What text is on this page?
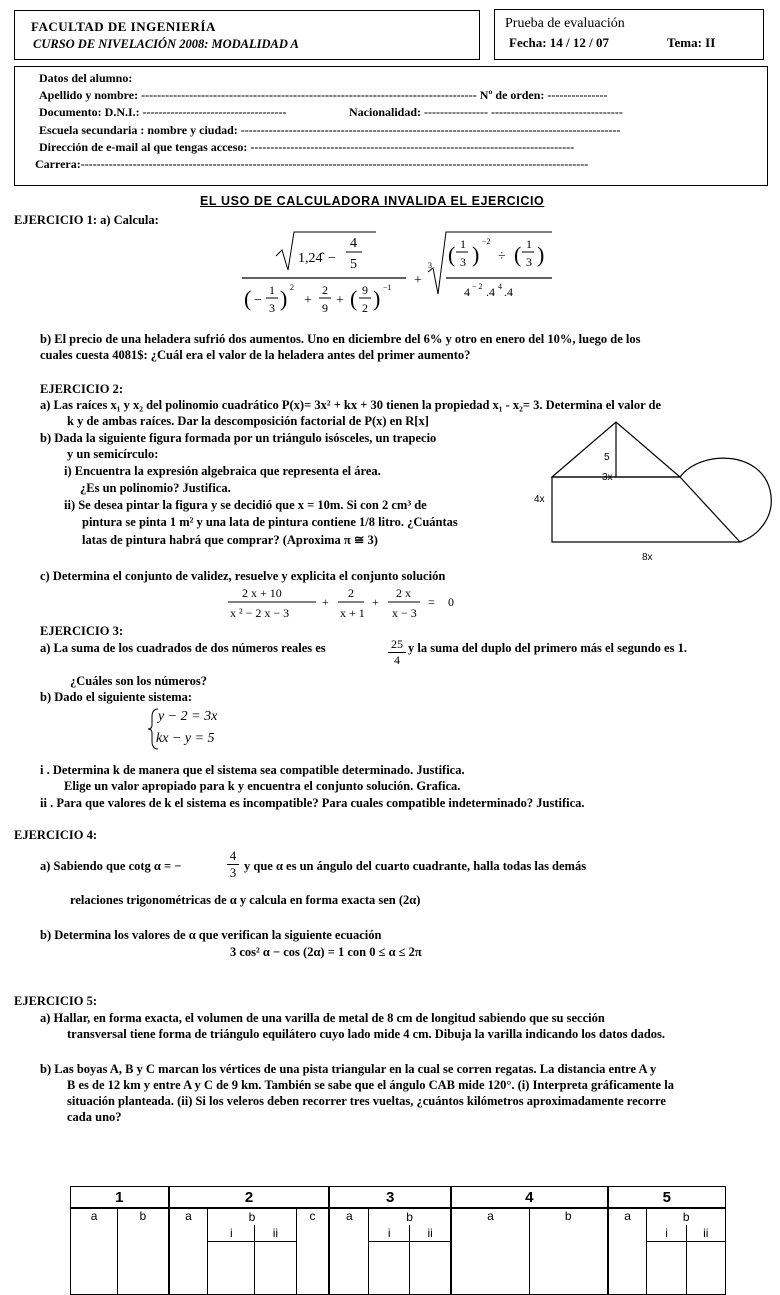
FACULTAD DE INGENIERÍA
CURSO DE NIVELACIÓN 2008: MODALIDAD A
Prueba de evaluación
Fecha: 14 / 12 / 07	Tema: II
Datos del alumno:
Apellido y nombre: ------------------------------------------------------------------------------------ Nº de orden: ---------------
Documento: D.N.I.: ------------------------------------	Nacionalidad: ---------------- ---------------------------------
Escuela secundaria : nombre y ciudad: -----------------------------------------------------------------------------------------------
Dirección de e-mail al que tengas acceso: ---------------------------------------------------------------------------------
Carrera:-------------------------------------------------------------------------------------------------------------------------------
EL USO DE CALCULADORA INVALIDA EL EJERCICIO
EJERCICIO 1: a) Calcula:
1,24̂ −
4
5
( −
1
3 ) 2
+
2
9 + ( 9
2 ) −1 +
3 ( 1
3 )
−2
÷ ( 1
3 )
4 − 2 .4 4 .4
b) El precio de una heladera sufrió dos aumentos. Uno en diciembre del 6% y otro en enero del 10%, luego de los
cuales cuesta 4081$: ¿Cuál era el valor de la heladera antes del primer aumento?
EJERCICIO 2:
a) Las raíces x₁ y x₂ del polinomio cuadrático P(x)= 3x² + kx + 30 tienen la propiedad x₁ - x₂= 3. Determina el valor de
k y de ambas raíces. Dar la descomposición factorial de P(x) en R[x]
b) Dada la siguiente figura formada por un triángulo isósceles, un trapecio
y un semicírculo:
i) Encuentra la expresión algebraica que representa el área.
¿Es un polinomio? Justifica.
ii) Se desea pintar la figura y se decidió que x = 10m. Si con 2 cm³ de
pintura se pinta 1 m² y una lata de pintura contiene 1/8 litro. ¿Cuántas
latas de pintura habrá que comprar? (Aproxima π ≅ 3)
5
3x
4x
8x
c) Determina el conjunto de validez, resuelve y explicita el conjunto solución
2 x + 10
x ² − 2 x − 3
+
2
x + 1
+
2 x
x − 3
= 0
EJERCICIO 3:
a) La suma de los cuadrados de dos números reales es	$\frac{25}{4}$ y la suma del duplo del primero más el segundo es 1.
¿Cuáles son los números?
b) Dado el siguiente sistema:
y − 2 = 3x
kx − y = 5
i . Determina k de manera que el sistema sea compatible determinado. Justifica.
Elige un valor apropiado para k y encuentra el conjunto solución. Grafica.
ii . Para que valores de k el sistema es incompatible? Para cuales compatible indeterminado? Justifica.
EJERCICIO 4:
a) Sabiendo que cotg α = −	$\frac{4}{3}$ y que α es un ángulo del cuarto cuadrante, halla todas las demás
relaciones trigonométricas de α y calcula en forma exacta sen (2α)
b) Determina los valores de α que verifican la siguiente ecuación
3 cos² α − cos (2α) = 1 con 0 ≤ α ≤ 2π
EJERCICIO 5:
a) Hallar, en forma exacta, el volumen de una varilla de metal de 8 cm de longitud sabiendo que su sección
transversal tiene forma de triángulo equilátero cuyo lado mide 4 cm. Dibuja la varilla indicando los datos dados.
b) Las boyas A, B y C marcan los vértices de una pista triangular en la cual se corren regatas. La distancia entre A y
B es de 12 km y entre A y C de 9 km. También se sabe que el ángulo CAB mide 120°. (i) Interpreta gráficamente la
situación planteada. (ii) Si los veleros deben recorrer tres vueltas, ¿cuántos kilómetros aproximadamente recorre
cada uno?
1		2				3			4		5		
a	b	a	b		c	a	b		a	b	a	b	
			i	ii			i	ii				i	ii
